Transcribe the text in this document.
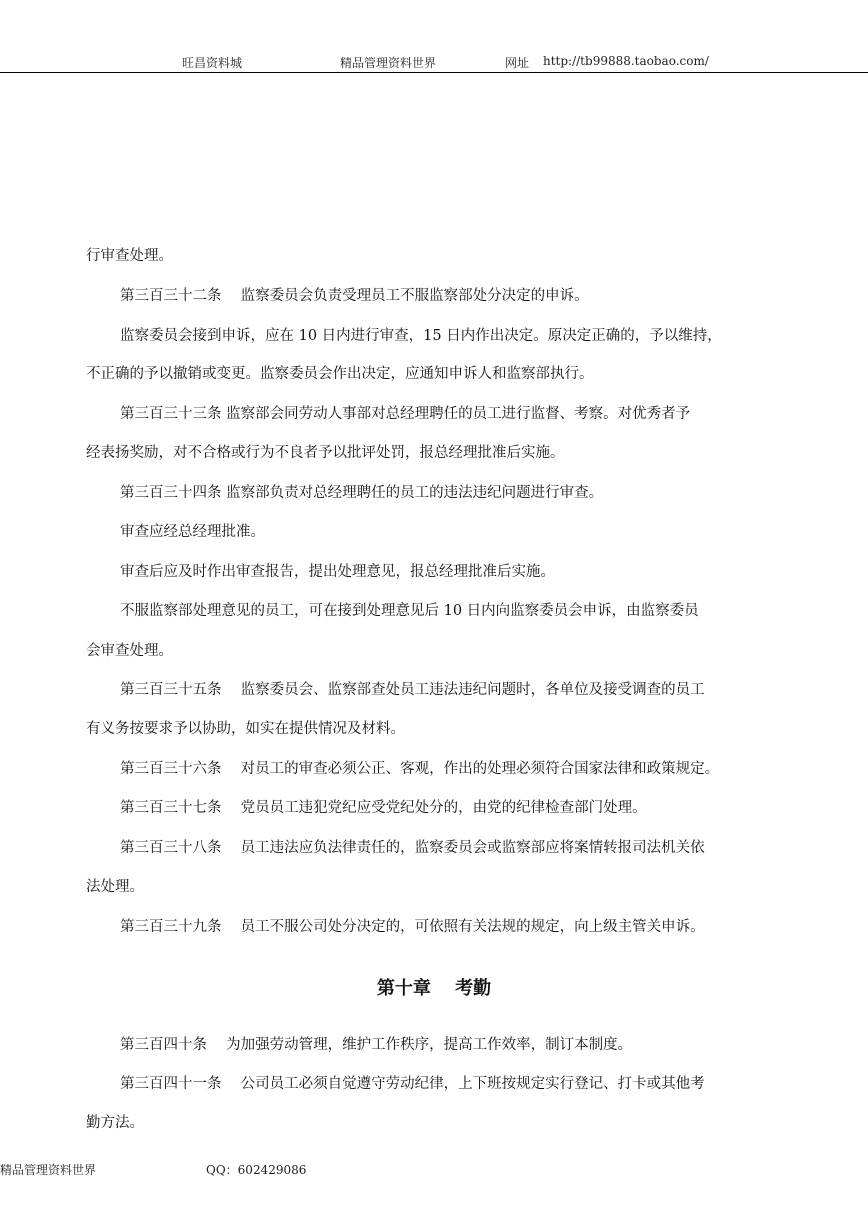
旺昌资料城	精品管理资料世界	网址 http://tb99888.taobao.com/
行审查处理。
第三百三十二条　 监察委员会负责受理员工不服监察部处分决定的申诉。
监察委员会接到申诉，应在 10 日内进行审查，15 日内作出决定。原决定正确的，予以维持，
不正确的予以撤销或变更。监察委员会作出决定，应通知申诉人和监察部执行。
第三百三十三条 监察部会同劳动人事部对总经理聘任的员工进行监督、考察。对优秀者予
经表扬奖励，对不合格或行为不良者予以批评处罚，报总经理批准后实施。
第三百三十四条 监察部负责对总经理聘任的员工的违法违纪问题进行审查。
审查应经总经理批准。
审查后应及时作出审查报告，提出处理意见，报总经理批准后实施。
不服监察部处理意见的员工，可在接到处理意见后 10 日内向监察委员会申诉，由监察委员
会审查处理。
第三百三十五条　 监察委员会、监察部查处员工违法违纪问题时，各单位及接受调查的员工
有义务按要求予以协助，如实在提供情况及材料。
第三百三十六条　 对员工的审查必须公正、客观，作出的处理必须符合国家法律和政策规定。
第三百三十七条　 党员员工违犯党纪应受党纪处分的，由党的纪律检查部门处理。
第三百三十八条　 员工违法应负法律责任的，监察委员会或监察部应将案情转报司法机关依
法处理。
第三百三十九条　 员工不服公司处分决定的，可依照有关法规的规定，向上级主管关申诉。
第十章　 考勤
第三百四十条　 为加强劳动管理，维护工作秩序，提高工作效率，制订本制度。
第三百四十一条　 公司员工必须自觉遵守劳动纪律，上下班按规定实行登记、打卡或其他考
勤方法。
精品管理资料世界	QQ：602429086
